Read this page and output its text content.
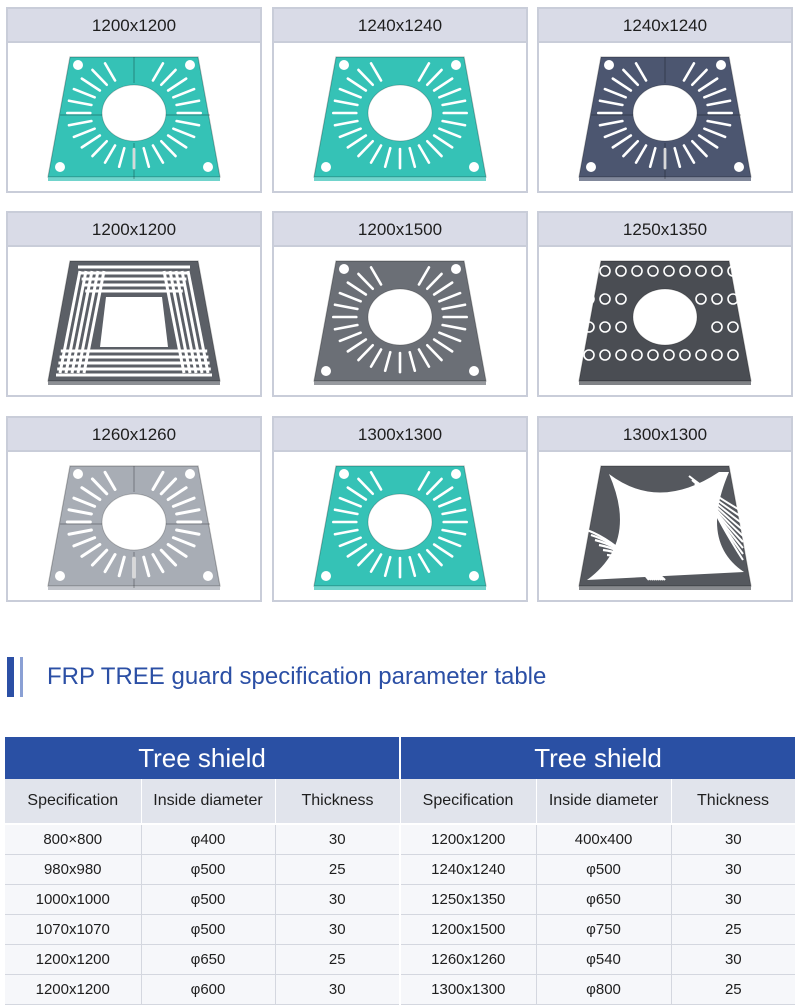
1200x1200	1240x1240	1240x1240
1200x1200	1200x1500	1250x1350
1260x1260	1300x1300	1300x1300
FRP TREE guard specification parameter table
Tree shield			Tree shield		
Specification	Inside diameter	Thickness	Specification	Inside diameter	Thickness
800×800	φ400	30	1200x1200	400x400	30
980x980	φ500	25	1240x1240	φ500	30
1000x1000	φ500	30	1250x1350	φ650	30
1070x1070	φ500	30	1200x1500	φ750	25
1200x1200	φ650	25	1260x1260	φ540	30
1200x1200	φ600	30	1300x1300	φ800	25
